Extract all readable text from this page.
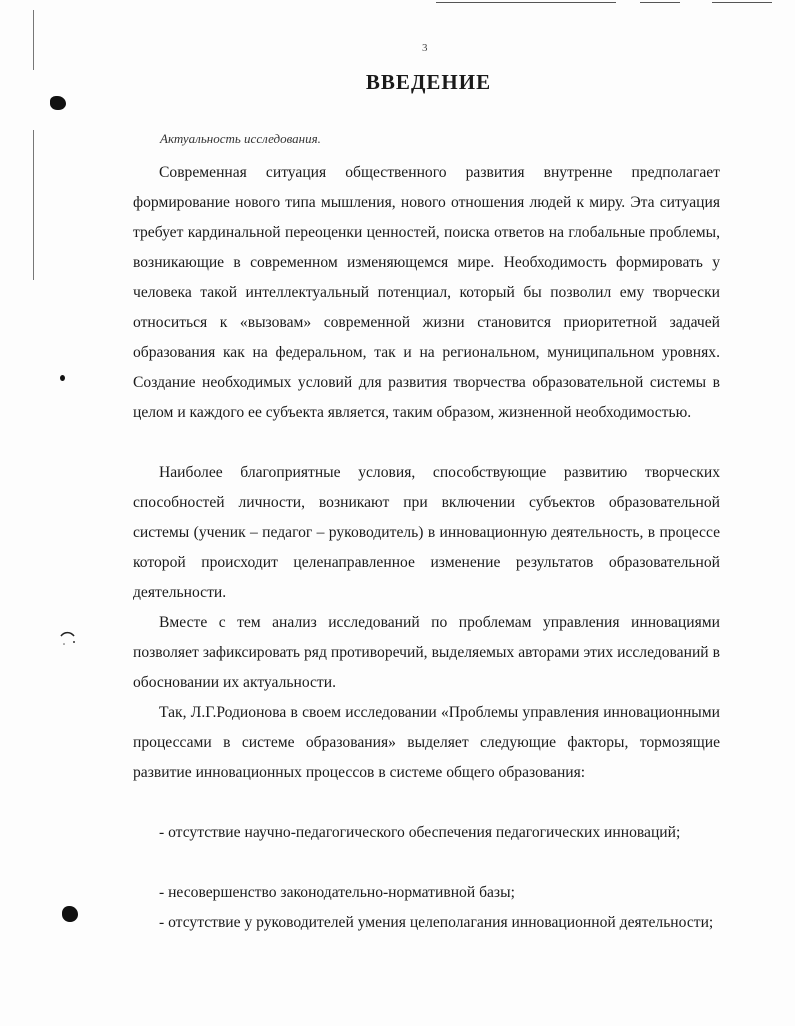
3
ВВЕДЕНИЕ
Актуальность исследования.

Современная ситуация общественного развития внутренне предполагает формирование нового типа мышления, нового отношения людей к миру. Эта ситуация требует кардинальной переоценки ценностей, поиска ответов на глобальные проблемы, возникающие в современном изменяющемся мире. Необходимость формировать у человека такой интеллектуальный потенциал, который бы позволил ему творчески относиться к «вызовам» современной жизни становится приоритетной задачей образования как на федеральном, так и на региональном, муниципальном уровнях. Создание необходимых условий для развития творчества образовательной системы в целом и каждого ее субъекта является, таким образом, жизненной необходимостью.

Наиболее благоприятные условия, способствующие развитию творческих способностей личности, возникают при включении субъектов образовательной системы (ученик – педагог – руководитель) в инновационную деятельность, в процессе которой происходит целенаправленное изменение результатов образовательной деятельности.

Вместе с тем анализ исследований по проблемам управления инновациями позволяет зафиксировать ряд противоречий, выделяемых авторами этих исследований в обосновании их актуальности.

Так, Л.Г.Родионова в своем исследовании «Проблемы управления инновационными процессами в системе образования» выделяет следующие факторы, тормозящие развитие инновационных процессов в системе общего образования:

- отсутствие научно-педагогического обеспечения педагогических инноваций;

- несовершенство законодательно-нормативной базы;

- отсутствие у руководителей умения целеполагания инновационной деятельности;
